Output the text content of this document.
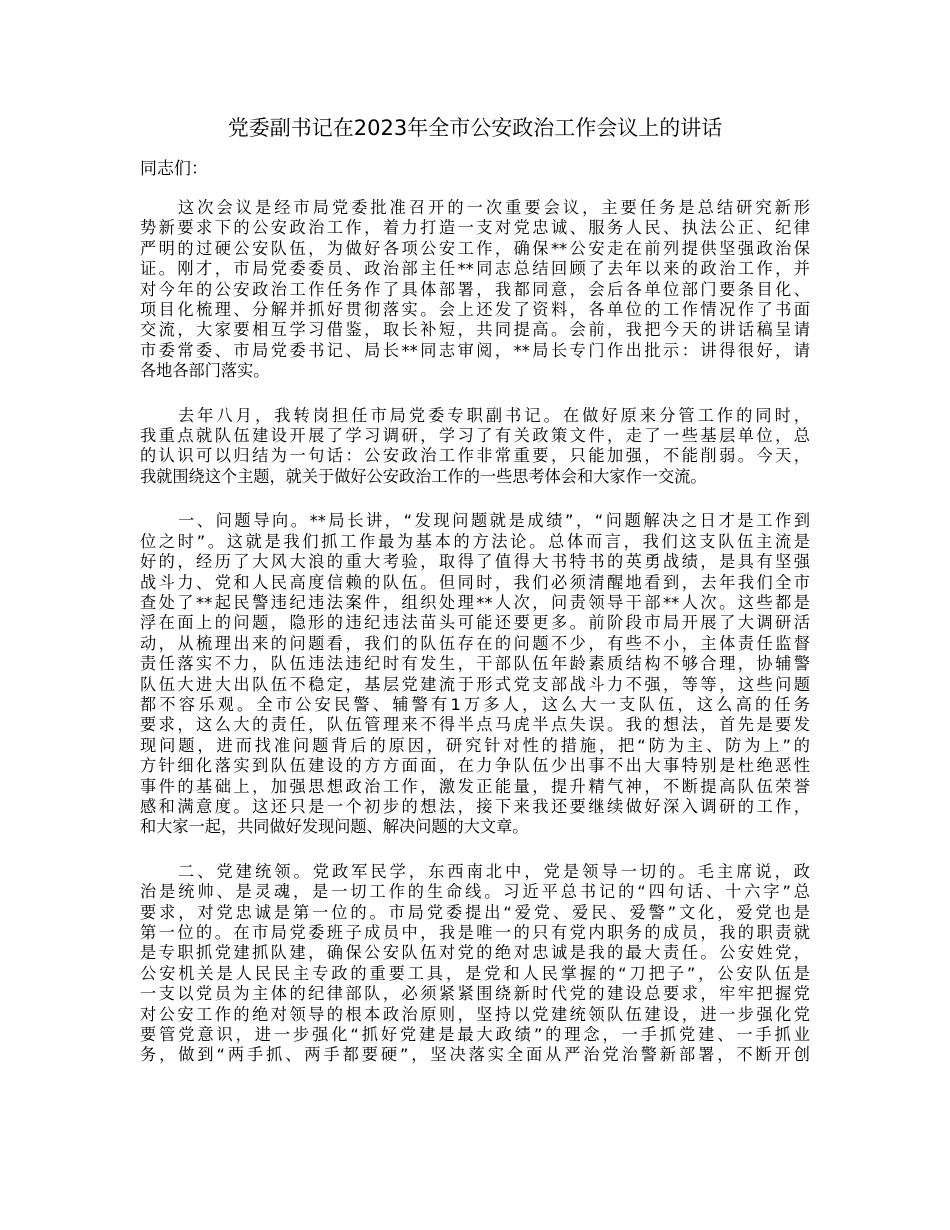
党委副书记在2023年全市公安政治工作会议上的讲话

同志们：

这次会议是经市局党委批准召开的一次重要会议，主要任务是总结研究新形
势新要求下的公安政治工作，着力打造一支对党忠诚、服务人民、执法公正、纪律
严明的过硬公安队伍，为做好各项公安工作，确保**公安走在前列提供坚强政治保
证。刚才，市局党委委员、政治部主任**同志总结回顾了去年以来的政治工作，并
对今年的公安政治工作任务作了具体部署，我都同意，会后各单位部门要条目化、
项目化梳理、分解并抓好贯彻落实。会上还发了资料，各单位的工作情况作了书面
交流，大家要相互学习借鉴，取长补短，共同提高。会前，我把今天的讲话稿呈请
市委常委、市局党委书记、局长**同志审阅，**局长专门作出批示：讲得很好，请
各地各部门落实。
去年八月，我转岗担任市局党委专职副书记。在做好原来分管工作的同时，
我重点就队伍建设开展了学习调研，学习了有关政策文件，走了一些基层单位，总
的认识可以归结为一句话：公安政治工作非常重要，只能加强，不能削弱。今天，
我就围绕这个主题，就关于做好公安政治工作的一些思考体会和大家作一交流。
一、问题导向。**局长讲，“发现问题就是成绩”，“问题解决之日才是工作到
位之时”。这就是我们抓工作最为基本的方法论。总体而言，我们这支队伍主流是
好的，经历了大风大浪的重大考验，取得了值得大书特书的英勇战绩，是具有坚强
战斗力、党和人民高度信赖的队伍。但同时，我们必须清醒地看到，去年我们全市
查处了**起民警违纪违法案件，组织处理**人次，问责领导干部**人次。这些都是
浮在面上的问题，隐形的违纪违法苗头可能还要更多。前阶段市局开展了大调研活
动，从梳理出来的问题看，我们的队伍存在的问题不少，有些不小，主体责任监督
责任落实不力，队伍违法违纪时有发生，干部队伍年龄素质结构不够合理，协辅警
队伍大进大出队伍不稳定，基层党建流于形式党支部战斗力不强，等等，这些问题
都不容乐观。全市公安民警、辅警有1万多人，这么大一支队伍，这么高的任务
要求，这么大的责任，队伍管理来不得半点马虎半点失误。我的想法，首先是要发
现问题，进而找准问题背后的原因，研究针对性的措施，把“防为主、防为上”的
方针细化落实到队伍建设的方方面面，在力争队伍少出事不出大事特别是杜绝恶性
事件的基础上，加强思想政治工作，激发正能量，提升精气神，不断提高队伍荣誉
感和满意度。这还只是一个初步的想法，接下来我还要继续做好深入调研的工作，
和大家一起，共同做好发现问题、解决问题的大文章。
二、党建统领。党政军民学，东西南北中，党是领导一切的。毛主席说，政
治是统帅、是灵魂，是一切工作的生命线。习近平总书记的“四句话、十六字”总
要求，对党忠诚是第一位的。市局党委提出“爱党、爱民、爱警”文化，爱党也是
第一位的。在市局党委班子成员中，我是唯一的只有党内职务的成员，我的职责就
是专职抓党建抓队建，确保公安队伍对党的绝对忠诚是我的最大责任。公安姓党，
公安机关是人民民主专政的重要工具，是党和人民掌握的“刀把子”，公安队伍是
一支以党员为主体的纪律部队，必须紧紧围绕新时代党的建设总要求，牢牢把握党
对公安工作的绝对领导的根本政治原则，坚持以党建统领队伍建设，进一步强化党
要管党意识，进一步强化“抓好党建是最大政绩”的理念，一手抓党建、一手抓业
务，做到“两手抓、两手都要硬”，坚决落实全面从严治党治警新部署，不断开创
